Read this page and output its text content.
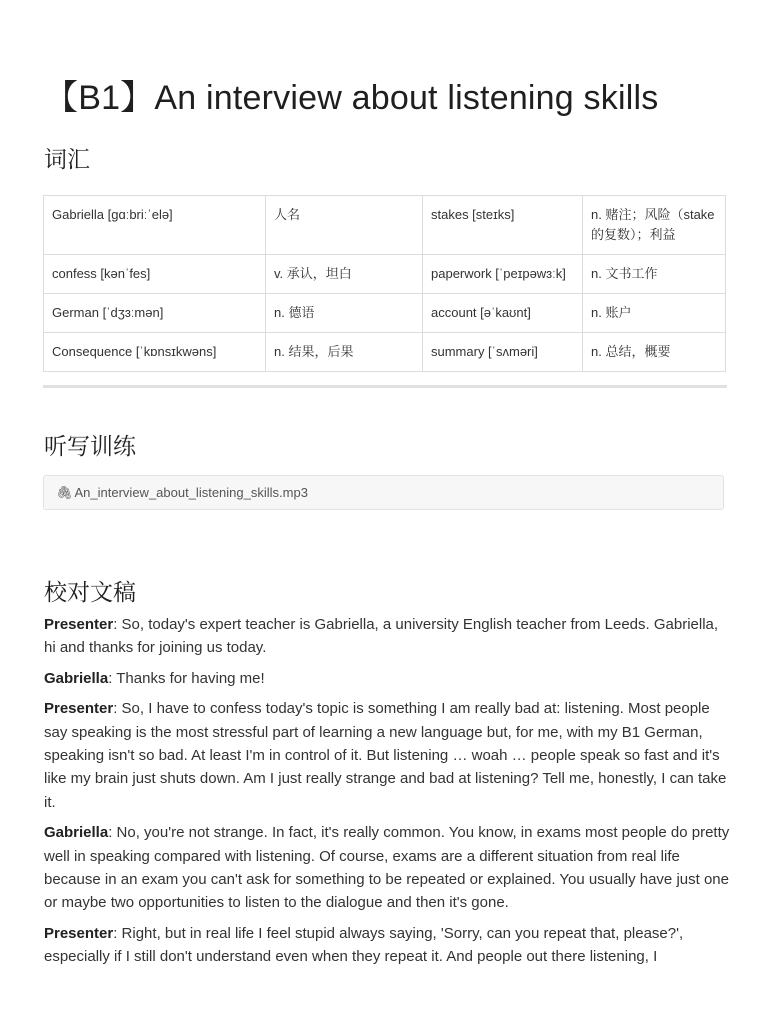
【B1】An interview about listening skills
词汇
Gabriella [gɑːbriːˈelə]	人名	stakes [steɪks]	n. 赌注；风险（stake的复数）；利益
confess [kənˈfes]	v. 承认，坦白	paperwork [ˈpeɪpəwɜːk]	n. 文书工作
German [ˈdʒɜːmən]	n. 德语	account [əˈkaʊnt]	n. 账户
Consequence [ˈkɒnsɪkwəns]	n. 结果，后果	summary [ˈsʌməri]	n. 总结，概要
听写训练
🖇 An_interview_about_listening_skills.mp3
校对文稿

Presenter: So, today's expert teacher is Gabriella, a university English teacher from Leeds. Gabriella, hi and thanks for joining us today.

Gabriella: Thanks for having me!

Presenter: So, I have to confess today's topic is something I am really bad at: listening. Most people say speaking is the most stressful part of learning a new language but, for me, with my B1 German, speaking isn't so bad. At least I'm in control of it. But listening … woah … people speak so fast and it's like my brain just shuts down. Am I just really strange and bad at listening? Tell me, honestly, I can take it.

Gabriella: No, you're not strange. In fact, it's really common. You know, in exams most people do pretty well in speaking compared with listening. Of course, exams are a different situation from real life because in an exam you can't ask for something to be repeated or explained. You usually have just one or maybe two opportunities to listen to the dialogue and then it's gone.

Presenter: Right, but in real life I feel stupid always saying, 'Sorry, can you repeat that, please?', especially if I still don't understand even when they repeat it. And people out there listening, I
